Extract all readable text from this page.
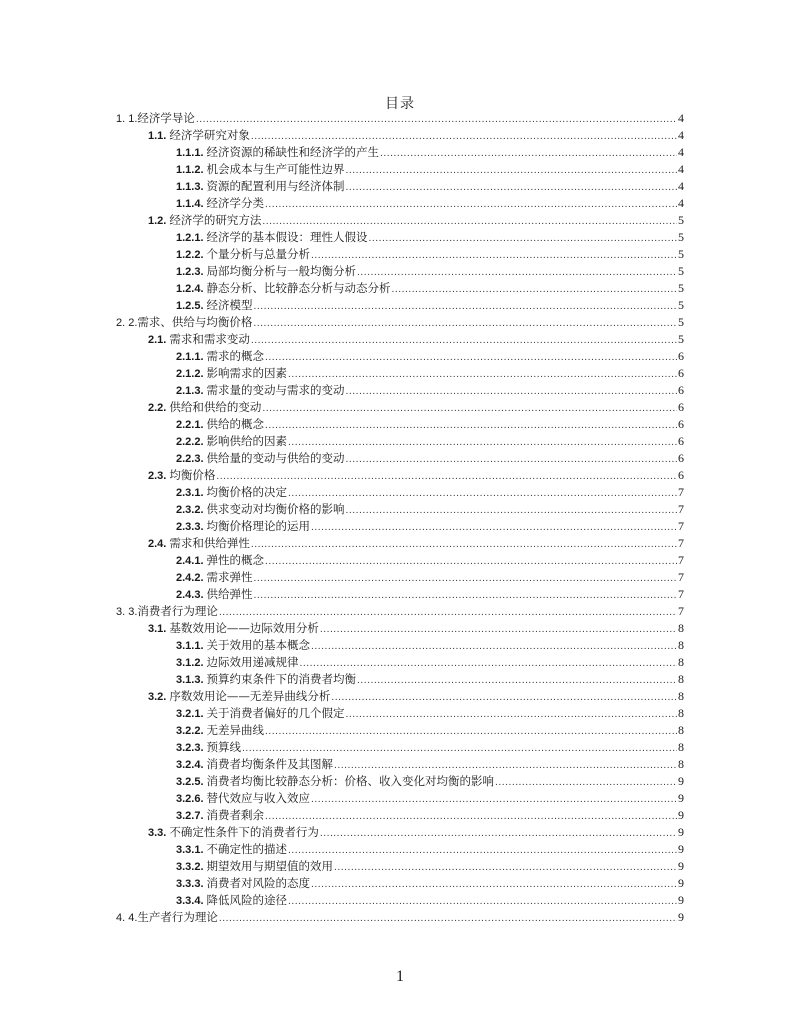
目录
1. 1. 经济学导论 .....	4
1.1. 经济学研究对象 .....	4
1.1.1. 经济资源的稀缺性和经济学的产生 .....	4
1.1.2. 机会成本与生产可能性边界 .....	4
1.1.3. 资源的配置利用与经济体制 .....	4
1.1.4. 经济学分类 .....	4
1.2. 经济学的研究方法 .....	5
1.2.1. 经济学的基本假设：理性人假设 .....	5
1.2.2. 个量分析与总量分析 .....	5
1.2.3. 局部均衡分析与一般均衡分析 .....	5
1.2.4. 静态分析、比较静态分析与动态分析 .....	5
1.2.5. 经济模型 .....	5
2. 2. 需求、供给与均衡价格 .....	5
2.1. 需求和需求变动 .....	5
2.1.1. 需求的概念 .....	6
2.1.2. 影响需求的因素 .....	6
2.1.3. 需求量的变动与需求的变动 .....	6
2.2. 供给和供给的变动 .....	6
2.2.1. 供给的概念 .....	6
2.2.2. 影响供给的因素 .....	6
2.2.3. 供给量的变动与供给的变动 .....	6
2.3. 均衡价格 .....	6
2.3.1. 均衡价格的决定 .....	7
2.3.2. 供求变动对均衡价格的影响 .....	7
2.3.3. 均衡价格理论的运用 .....	7
2.4. 需求和供给弹性 .....	7
2.4.1. 弹性的概念 .....	7
2.4.2. 需求弹性 .....	7
2.4.3. 供给弹性 .....	7
3. 3. 消费者行为理论 .....	7
3.1. 基数效用论——边际效用分析 .....	8
3.1.1. 关于效用的基本概念 .....	8
3.1.2. 边际效用递减规律 .....	8
3.1.3. 预算约束条件下的消费者均衡 .....	8
3.2. 序数效用论——无差异曲线分析 .....	8
3.2.1. 关于消费者偏好的几个假定 .....	8
3.2.2. 无差异曲线 .....	8
3.2.3. 预算线 .....	8
3.2.4. 消费者均衡条件及其图解 .....	8
3.2.5. 消费者均衡比较静态分析：价格、收入变化对均衡的影响 .....	9
3.2.6. 替代效应与收入效应 .....	9
3.2.7. 消费者剩余 .....	9
3.3. 不确定性条件下的消费者行为 .....	9
3.3.1. 不确定性的描述 .....	9
3.3.2. 期望效用与期望值的效用 .....	9
3.3.3. 消费者对风险的态度 .....	9
3.3.4. 降低风险的途径 .....	9
4. 4. 生产者行为理论 .....	9
1
